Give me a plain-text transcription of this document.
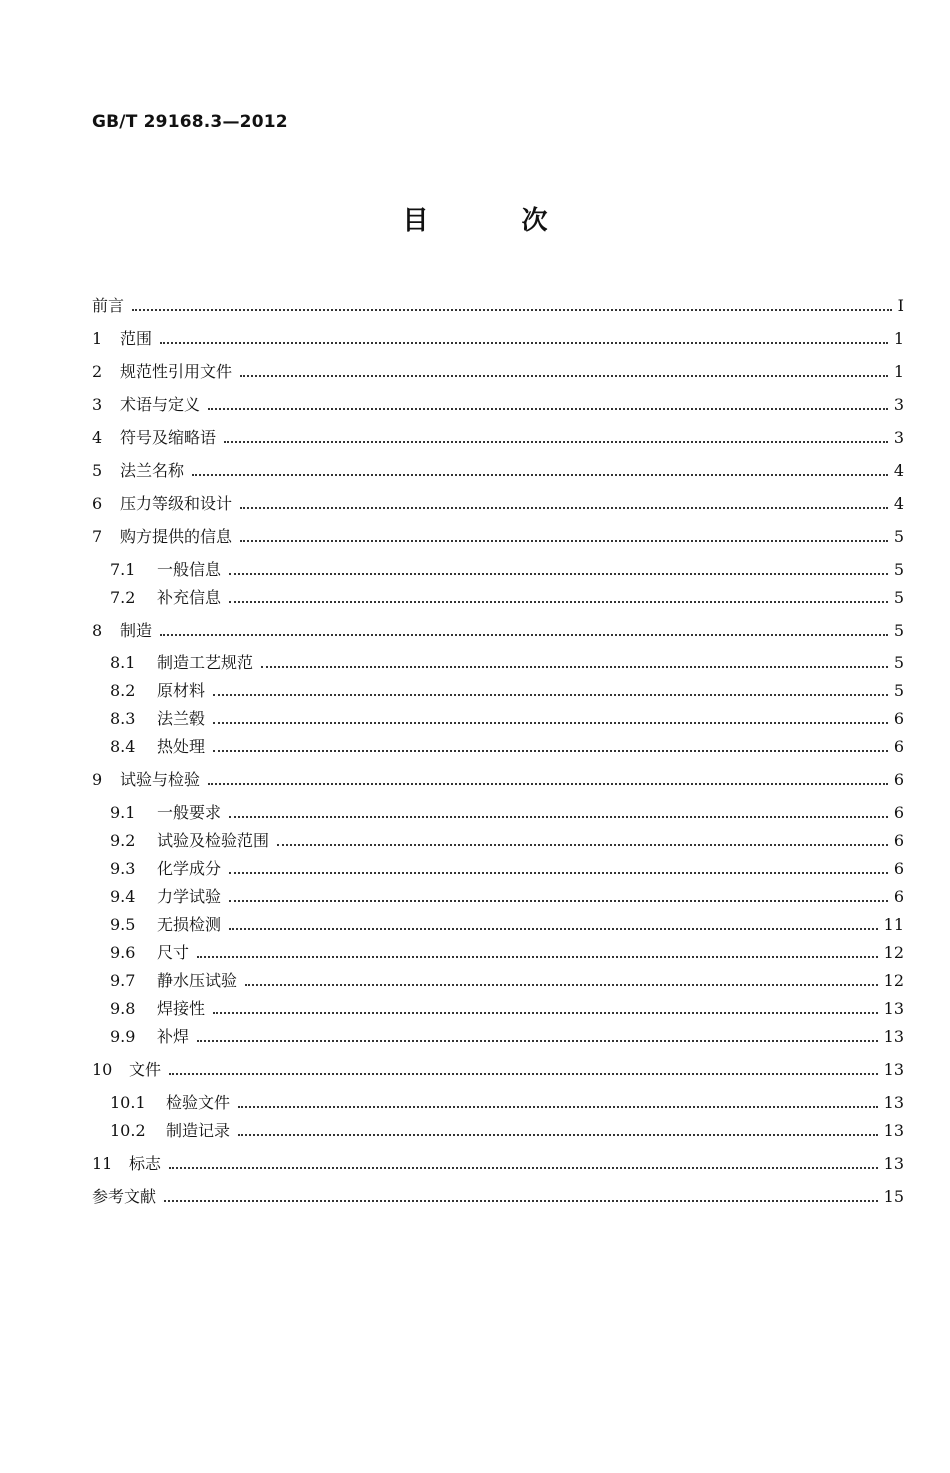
GB/T 29168.3—2012
目 次
前言	I
1	范围	1
2	规范性引用文件	1
3	术语与定义	3
4	符号及缩略语	3
5	法兰名称	4
6	压力等级和设计	4
7	购方提供的信息	5
7.1	一般信息	5
7.2	补充信息	5
8	制造	5
8.1	制造工艺规范	5
8.2	原材料	5
8.3	法兰毂	6
8.4	热处理	6
9	试验与检验	6
9.1	一般要求	6
9.2	试验及检验范围	6
9.3	化学成分	6
9.4	力学试验	6
9.5	无损检测	11
9.6	尺寸	12
9.7	静水压试验	12
9.8	焊接性	13
9.9	补焊	13
10	文件	13
10.1	检验文件	13
10.2	制造记录	13
11	标志	13
参考文献	15
